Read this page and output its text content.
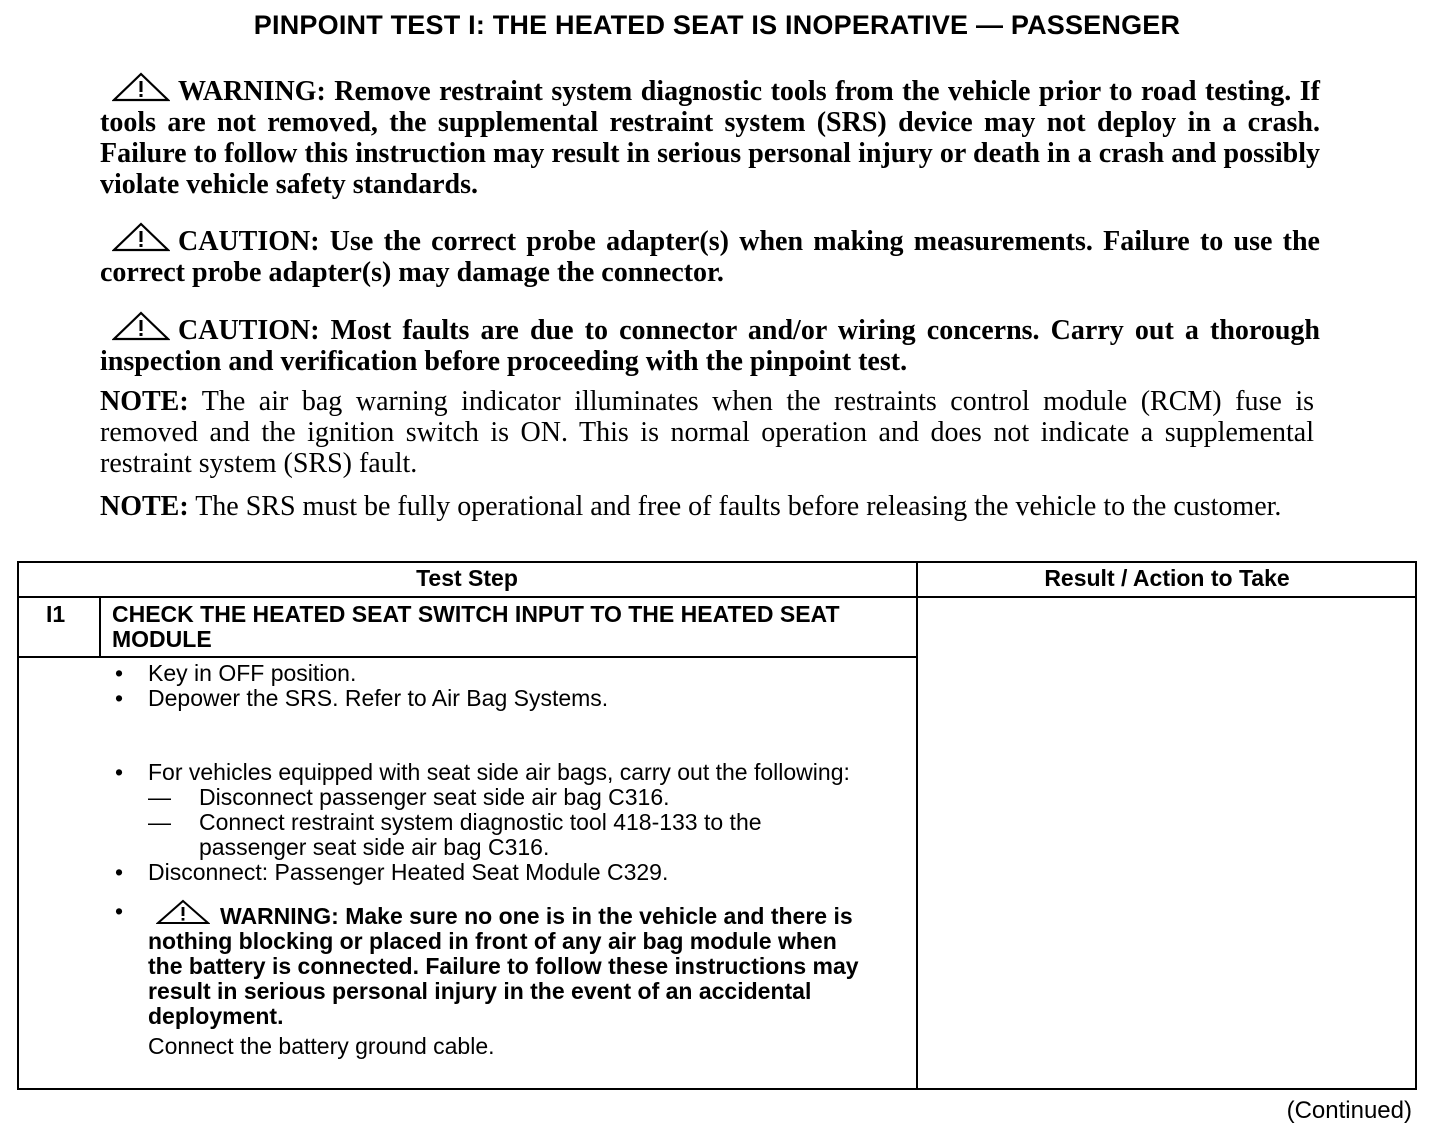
PINPOINT TEST I: THE HEATED SEAT IS INOPERATIVE — PASSENGER
WARNING: Remove restraint system diagnostic tools from the vehicle prior to road testing. If tools are not removed, the supplemental restraint system (SRS) device may not deploy in a crash. Failure to follow this instruction may result in serious personal injury or death in a crash and possibly violate vehicle safety standards.
CAUTION: Use the correct probe adapter(s) when making measurements. Failure to use the correct probe adapter(s) may damage the connector.
CAUTION: Most faults are due to connector and/or wiring concerns. Carry out a thorough inspection and verification before proceeding with the pinpoint test.
NOTE: The air bag warning indicator illuminates when the restraints control module (RCM) fuse is removed and the ignition switch is ON. This is normal operation and does not indicate a supplemental restraint system (SRS) fault.
NOTE: The SRS must be fully operational and free of faults before releasing the vehicle to the customer.
Test Step	Result / Action to Take
I1 CHECK THE HEATED SEAT SWITCH INPUT TO THE HEATED SEAT MODULE
• Key in OFF position.
• Depower the SRS. Refer to Air Bag Systems.
• For vehicles equipped with seat side air bags, carry out the following:
— Disconnect passenger seat side air bag C316.
— Connect restraint system diagnostic tool 418-133 to the passenger seat side air bag C316.
• Disconnect: Passenger Heated Seat Module C329.
•	WARNING: Make sure no one is in the vehicle and there is nothing blocking or placed in front of any air bag module when the battery is connected. Failure to follow these instructions may result in serious personal injury in the event of an accidental deployment.
Connect the battery ground cable.
(Continued)
